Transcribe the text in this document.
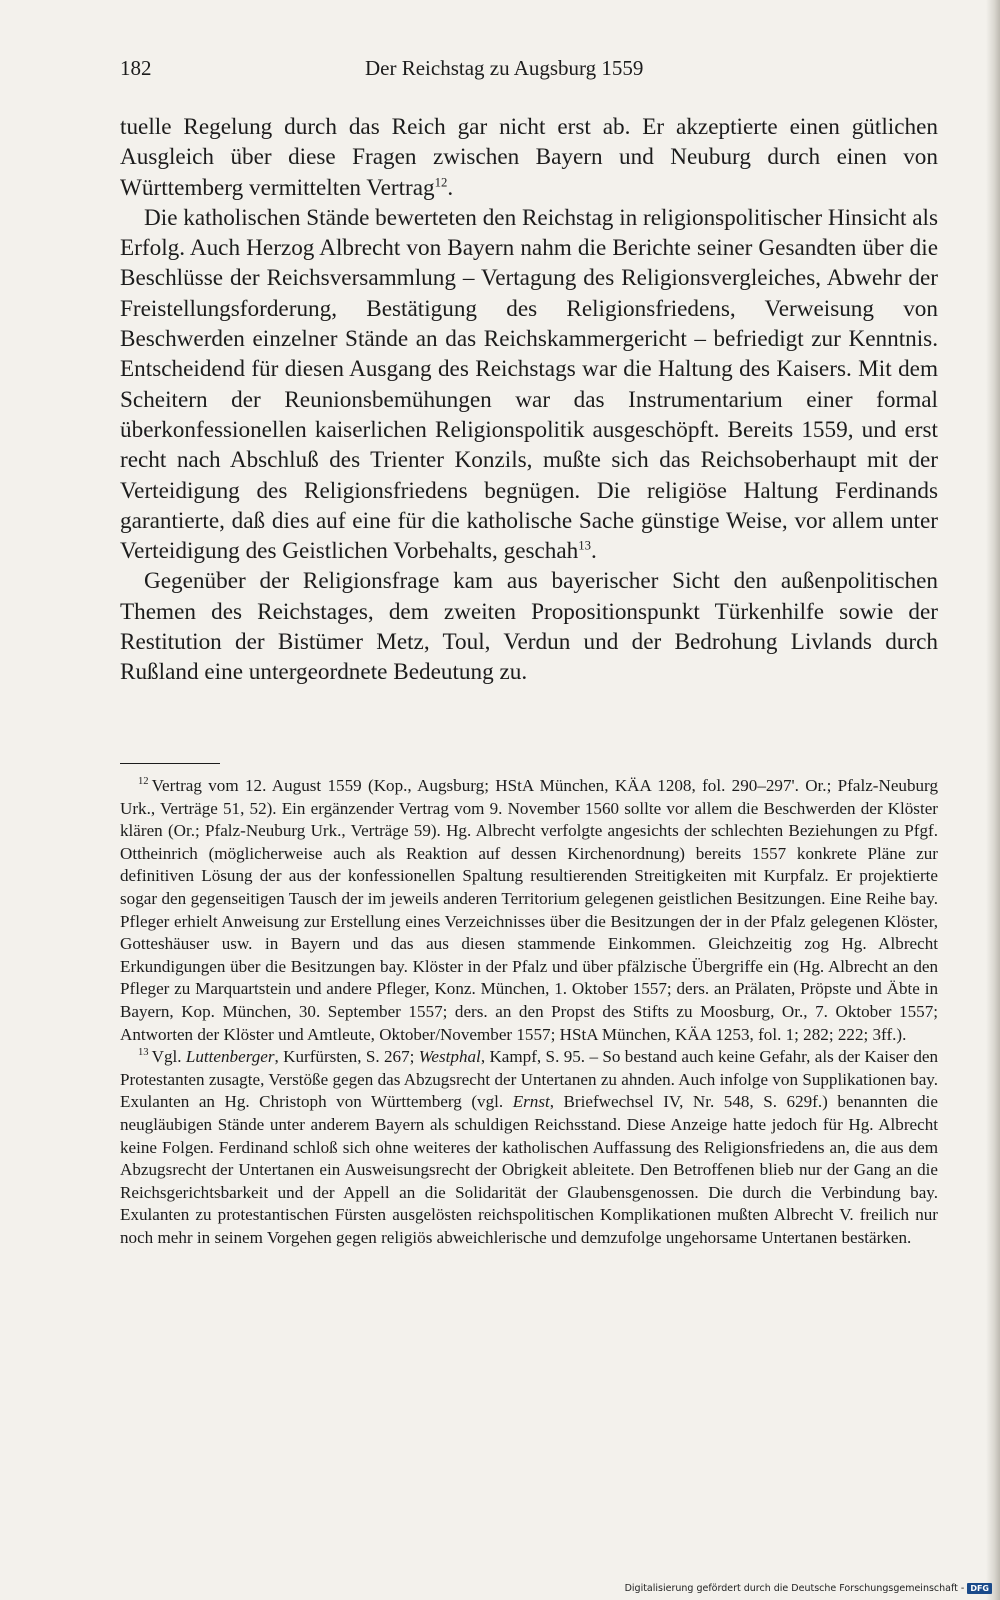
182	Der Reichstag zu Augsburg 1559

tuelle Regelung durch das Reich gar nicht erst ab. Er akzeptierte einen gütlichen Ausgleich über diese Fragen zwischen Bayern und Neuburg durch einen von Württemberg vermittelten Vertrag$^{12}$.

Die katholischen Stände bewerteten den Reichstag in religionspolitischer Hinsicht als Erfolg. Auch Herzog Albrecht von Bayern nahm die Berichte seiner Gesandten über die Beschlüsse der Reichsversammlung – Vertagung des Religionsvergleiches, Abwehr der Freistellungsforderung, Bestätigung des Religionsfriedens, Verweisung von Beschwerden einzelner Stände an das Reichskammergericht – befriedigt zur Kenntnis. Entscheidend für diesen Ausgang des Reichstags war die Haltung des Kaisers. Mit dem Scheitern der Reunionsbemühungen war das Instrumentarium einer formal überkonfessionellen kaiserlichen Religionspolitik ausgeschöpft. Bereits 1559, und erst recht nach Abschluß des Trienter Konzils, mußte sich das Reichsoberhaupt mit der Verteidigung des Religionsfriedens begnügen. Die religiöse Haltung Ferdinands garantierte, daß dies auf eine für die katholische Sache günstige Weise, vor allem unter Verteidigung des Geistlichen Vorbehalts, geschah$^{13}$.

Gegenüber der Religionsfrage kam aus bayerischer Sicht den außenpolitischen Themen des Reichstages, dem zweiten Propositionspunkt Türkenhilfe sowie der Restitution der Bistümer Metz, Toul, Verdun und der Bedrohung Livlands durch Rußland eine untergeordnete Bedeutung zu.

$^{12}$ Vertrag vom 12. August 1559 (Kop., Augsburg; HStA München, KÄA 1208, fol. 290–297'. Or.; Pfalz-Neuburg Urk., Verträge 51, 52). Ein ergänzender Vertrag vom 9. November 1560 sollte vor allem die Beschwerden der Klöster klären (Or.; Pfalz-Neuburg Urk., Verträge 59). Hg. Albrecht verfolgte angesichts der schlechten Beziehungen zu Pfgf. Ottheinrich (möglicherweise auch als Reaktion auf dessen Kirchenordnung) bereits 1557 konkrete Pläne zur definitiven Lösung der aus der konfessionellen Spaltung resultierenden Streitigkeiten mit Kurpfalz. Er projektierte sogar den gegenseitigen Tausch der im jeweils anderen Territorium gelegenen geistlichen Besitzungen. Eine Reihe bay. Pfleger erhielt Anweisung zur Erstellung eines Verzeichnisses über die Besitzungen der in der Pfalz gelegenen Klöster, Gotteshäuser usw. in Bayern und das aus diesen stammende Einkommen. Gleichzeitig zog Hg. Albrecht Erkundigungen über die Besitzungen bay. Klöster in der Pfalz und über pfälzische Übergriffe ein (Hg. Albrecht an den Pfleger zu Marquartstein und andere Pfleger, Konz. München, 1. Oktober 1557; ders. an Prälaten, Pröpste und Äbte in Bayern, Kop. München, 30. September 1557; ders. an den Propst des Stifts zu Moosburg, Or., 7. Oktober 1557; Antworten der Klöster und Amtleute, Oktober/November 1557; HStA München, KÄA 1253, fol. 1; 282; 222; 3ff.).

$^{13}$ Vgl. Luttenberger, Kurfürsten, S. 267; Westphal, Kampf, S. 95. – So bestand auch keine Gefahr, als der Kaiser den Protestanten zusagte, Verstöße gegen das Abzugsrecht der Untertanen zu ahnden. Auch infolge von Supplikationen bay. Exulanten an Hg. Christoph von Württemberg (vgl. Ernst, Briefwechsel IV, Nr. 548, S. 629f.) benannten die neugläubigen Stände unter anderem Bayern als schuldigen Reichsstand. Diese Anzeige hatte jedoch für Hg. Albrecht keine Folgen. Ferdinand schloß sich ohne weiteres der katholischen Auffassung des Religionsfriedens an, die aus dem Abzugsrecht der Untertanen ein Ausweisungsrecht der Obrigkeit ableitete. Den Betroffenen blieb nur der Gang an die Reichsgerichtsbarkeit und der Appell an die Solidarität der Glaubensgenossen. Die durch die Verbindung bay. Exulanten zu protestantischen Fürsten ausgelösten reichspolitischen Komplikationen mußten Albrecht V. freilich nur noch mehr in seinem Vorgehen gegen religiös abweichlerische und demzufolge ungehorsame Untertanen bestärken.

Digitalisierung gefördert durch die Deutsche Forschungsgemeinschaft - DFG
